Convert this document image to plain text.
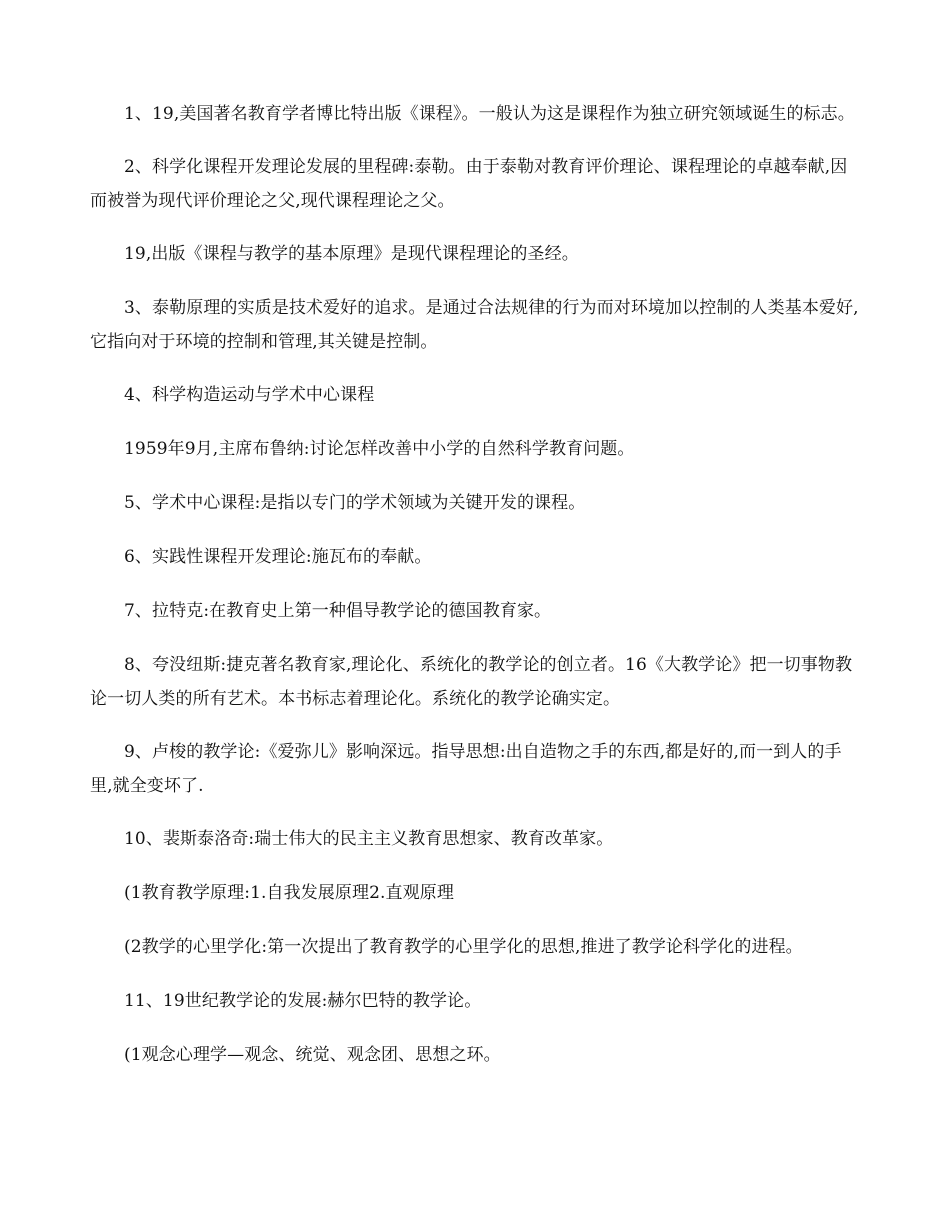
1、19,美国著名教育学者博比特出版《课程》。一般认为这是课程作为独立研究领域诞生的标志。

2、科学化课程开发理论发展的里程碑:泰勒。由于泰勒对教育评价理论、课程理论的卓越奉献,因而被誉为现代评价理论之父,现代课程理论之父。

19,出版《课程与教学的基本原理》是现代课程理论的圣经。

3、泰勒原理的实质是技术爱好的追求。是通过合法规律的行为而对环境加以控制的人类基本爱好,它指向对于环境的控制和管理,其关键是控制。

4、科学构造运动与学术中心课程

1959年9月,主席布鲁纳:讨论怎样改善中小学的自然科学教育问题。

5、学术中心课程:是指以专门的学术领域为关键开发的课程。

6、实践性课程开发理论:施瓦布的奉献。

7、拉特克:在教育史上第一种倡导教学论的德国教育家。

8、夸没纽斯:捷克著名教育家,理论化、系统化的教学论的创立者。16《大教学论》把一切事物教论一切人类的所有艺术。本书标志着理论化。系统化的教学论确实定。

9、卢梭的教学论:《爱弥儿》影响深远。指导思想:出自造物之手的东西,都是好的,而一到人的手里,就全变坏了.

10、裴斯泰洛奇:瑞士伟大的民主主义教育思想家、教育改革家。

(1教育教学原理:1.自我发展原理2.直观原理

(2教学的心里学化:第一次提出了教育教学的心里学化的思想,推进了教学论科学化的进程。

11、19世纪教学论的发展:赫尔巴特的教学论。

(1观念心理学—观念、统觉、观念团、思想之环。
